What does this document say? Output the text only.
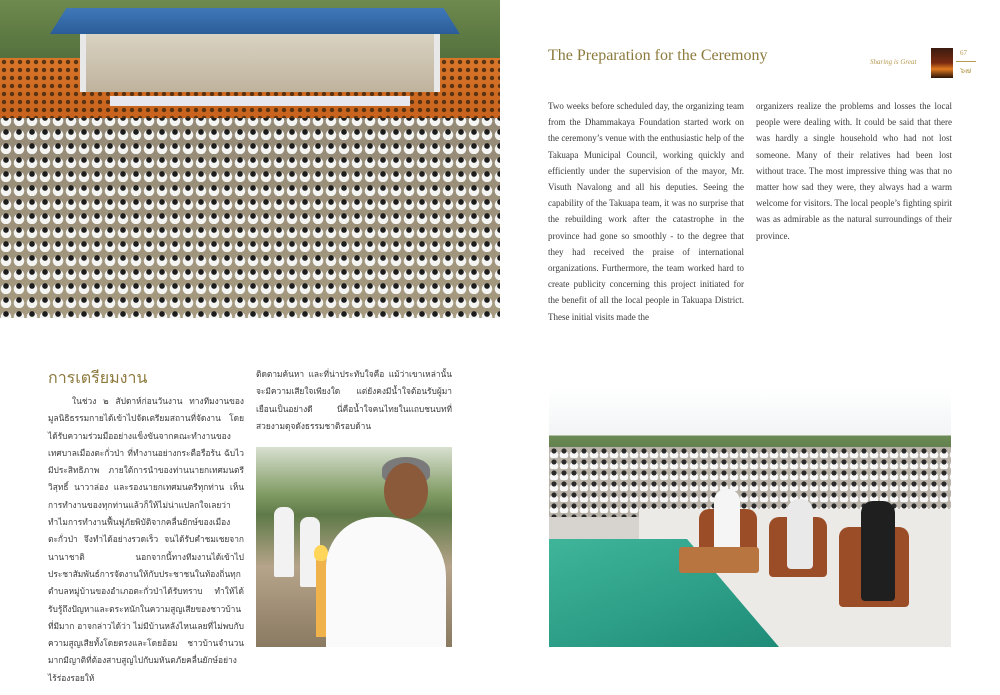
Sharing is Great
67
๖๗
The Preparation for the Ceremony

Two weeks before scheduled day, the organizing team from the Dhammakaya Foundation started work on the ceremony’s venue with the enthusiastic help of the Takuapa Municipal Council, working quickly and efficiently under the supervision of the mayor, Mr. Visuth Navalong and all his deputies. Seeing the capability of the Takuapa team, it was no surprise that the rebuilding work after the catastrophe in the province had gone so smoothly - to the degree that they had received the praise of international organizations. Furthermore, the team worked hard to create publicity concerning this project initiated for the benefit of all the local people in Takuapa District. These initial visits made the

organizers realize the problems and losses the local people were dealing with. It could be said that there was hardly a single household who had not lost someone. Many of their relatives had been lost without trace. The most impressive thing was that no matter how sad they were, they always had a warm welcome for visitors. The local people’s fighting spirit was as admirable as the natural surroundings of their province.

การเตรียมงาน

ในช่วง ๒ สัปดาห์ก่อนวันงาน ทางทีมงานของมูลนิธิธรรมกายได้เข้าไปจัดเตรียมสถานที่จัดงาน โดยได้รับความร่วมมืออย่างแข็งขันจากคณะทำงานของเทศบาลเมืองตะกั่วป่า ที่ทำงานอย่างกระตือรือร้น ฉับไวมีประสิทธิภาพ ภายใต้การนำของท่านนายกเทศมนตรี วิสุทธิ์ นาวาล่อง และรองนายกเทศมนตรีทุกท่าน เห็นการทำงานของทุกท่านแล้วก็ให้ไม่น่าแปลกใจเลยว่าทำไมการทำงานฟื้นฟูภัยพิบัติจากคลื่นยักษ์ของเมืองตะกั่วป่า จึงทำได้อย่างรวดเร็ว จนได้รับคำชมเชยจากนานาชาติ นอกจากนี้ทางทีมงานได้เข้าไปประชาสัมพันธ์การจัดงานให้กับประชาชนในท้องถิ่นทุกตำบลหมู่บ้านของอำเภอตะกั่วป่าได้รับทราบ ทำให้ได้รับรู้ถึงปัญหาและตระหนักในความสูญเสียของชาวบ้านที่มีมาก อาจกล่าวได้ว่า ไม่มีบ้านหลังไหนเลยที่ไม่พบกับความสูญเสียทั้งโดยตรงและโดยอ้อม ชาวบ้านจำนวนมากมีญาติที่ต้องสาบสูญไปกับมหันตภัยคลื่นยักษ์อย่างไร้ร่องรอยให้

ติดตามค้นหา และที่น่าประทับใจคือ แม้ว่าเขาเหล่านั้นจะมีความเสียใจเพียงใด แต่ยังคงมีน้ำใจต้อนรับผู้มาเยือนเป็นอย่างดี นี่คือน้ำใจคนไทยในแถบชนบทที่สวยงามดุจดังธรรมชาติรอบด้าน
